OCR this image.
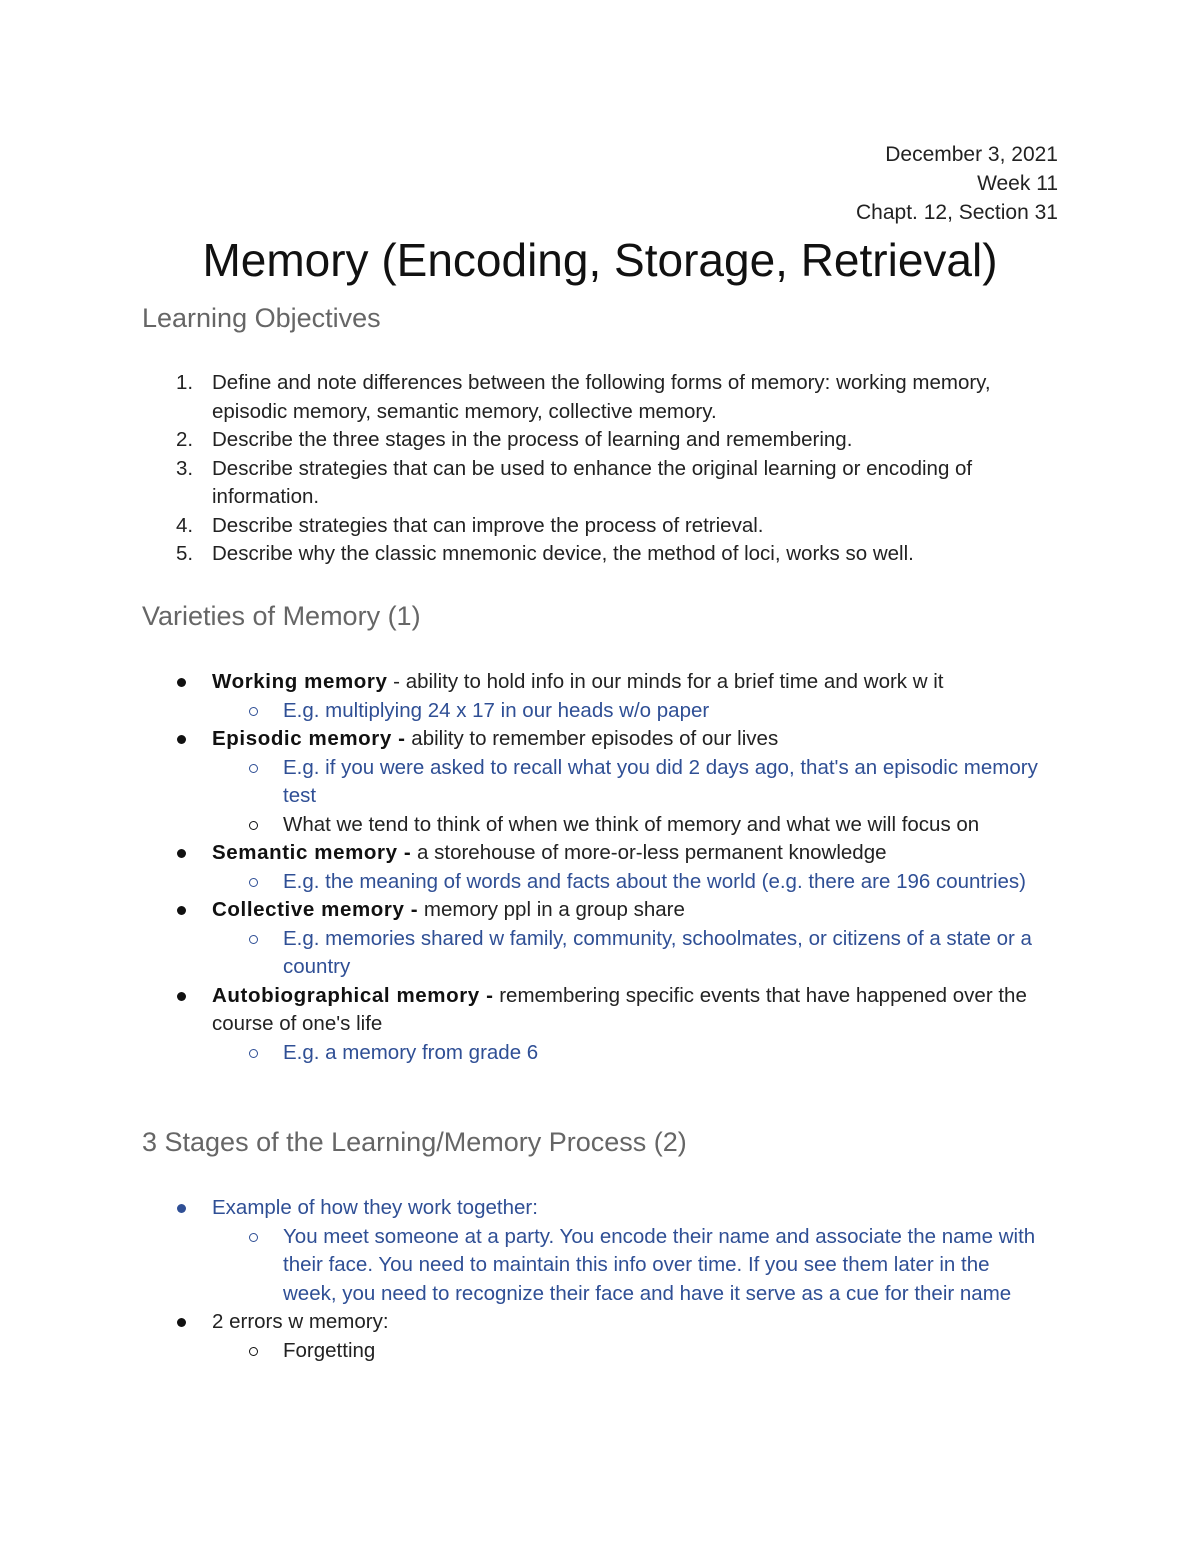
December 3, 2021
Week 11
Chapt. 12, Section 31
Memory (Encoding, Storage, Retrieval)
Learning Objectives
1. Define and note differences between the following forms of memory: working memory, episodic memory, semantic memory, collective memory.
2. Describe the three stages in the process of learning and remembering.
3. Describe strategies that can be used to enhance the original learning or encoding of information.
4. Describe strategies that can improve the process of retrieval.
5. Describe why the classic mnemonic device, the method of loci, works so well.
Varieties of Memory (1)
Working memory - ability to hold info in our minds for a brief time and work w it
E.g. multiplying 24 x 17 in our heads w/o paper
Episodic memory - ability to remember episodes of our lives
E.g. if you were asked to recall what you did 2 days ago, that's an episodic memory test
What we tend to think of when we think of memory and what we will focus on
Semantic memory - a storehouse of more-or-less permanent knowledge
E.g. the meaning of words and facts about the world (e.g. there are 196 countries)
Collective memory - memory ppl in a group share
E.g. memories shared w family, community, schoolmates, or citizens of a state or a country
Autobiographical memory - remembering specific events that have happened over the course of one's life
E.g. a memory from grade 6
3 Stages of the Learning/Memory Process (2)
Example of how they work together:
You meet someone at a party. You encode their name and associate the name with their face. You need to maintain this info over time. If you see them later in the week, you need to recognize their face and have it serve as a cue for their name
2 errors w memory:
Forgetting
